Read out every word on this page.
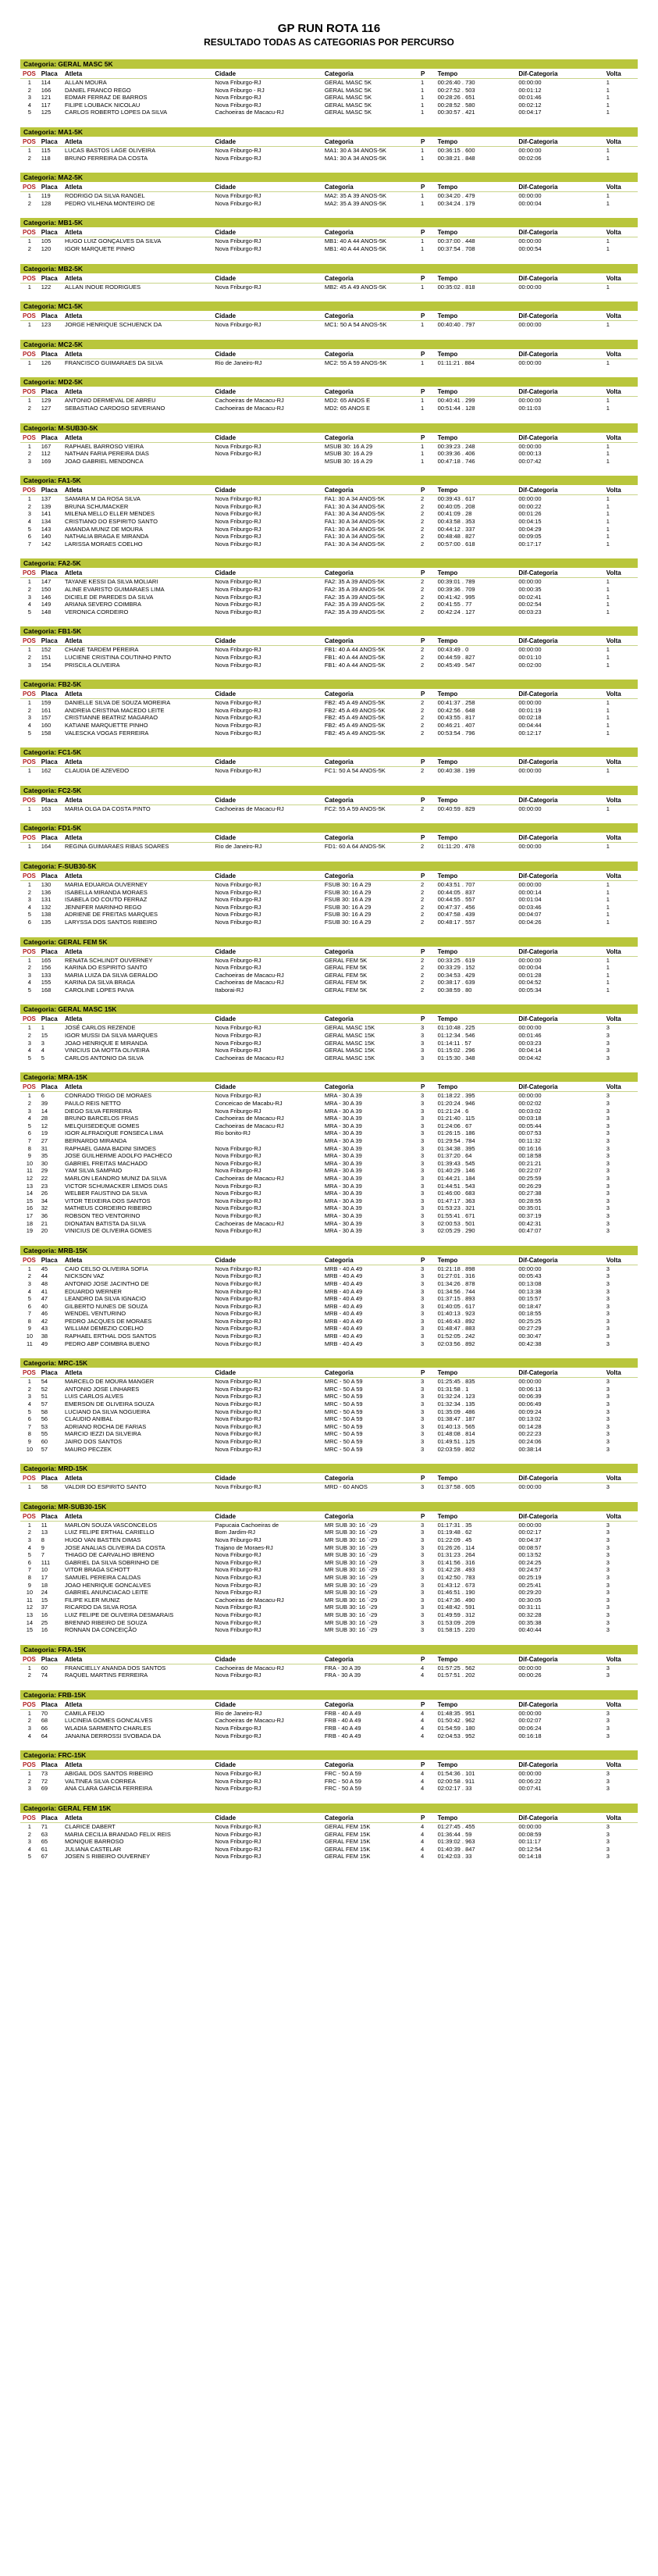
GP RUN ROTA 116
RESULTADO TODAS AS CATEGORIAS POR PERCURSO
Categoria: GERAL MASC 5K
POS	Placa	Atleta	Cidade	Categoria	P	Tempo	Dif-Categoria	Volta
1	114	ALLAN MOURA	Nova Friburgo-RJ	GERAL MASC 5K	1	00:26:40 . 730	00:00:00	1
2	166	DANIEL FRANCO REGO	Nova Friburgo - RJ	GERAL MASC 5K	1	00:27:52 . 503	00:01:12	1
3	121	EDMAR FERRAZ DE BARROS	Nova Friburgo-RJ	GERAL MASC 5K	1	00:28:26 . 651	00:01:46	1
4	117	FILIPE LOUBACK NICOLAU	Nova Friburgo-RJ	GERAL MASC 5K	1	00:28:52 . 580	00:02:12	1
5	125	CARLOS ROBERTO LOPES DA SILVA	Cachoeiras de Macacu-RJ	GERAL MASC 5K	1	00:30:57 . 421	00:04:17	1
Categoria: MA1-5K
POS	Placa	Atleta	Cidade	Categoria	P	Tempo	Dif-Categoria	Volta
1	115	LUCAS BASTOS LAGE OLIVEIRA	Nova Friburgo-RJ	MA1: 30 A 34 ANOS-5K	1	00:36:15 . 600	00:00:00	1
2	118	BRUNO FERREIRA DA COSTA	Nova Friburgo-RJ	MA1: 30 A 34 ANOS-5K	1	00:38:21 . 848	00:02:06	1
Categoria: MA2-5K
POS	Placa	Atleta	Cidade	Categoria	P	Tempo	Dif-Categoria	Volta
1	119	RODRIGO DA SILVA RANGEL	Nova Friburgo-RJ	MA2: 35 A 39 ANOS-5K	1	00:34:20 . 479	00:00:00	1
2	128	PEDRO VILHENA MONTEIRO DE	Nova Friburgo-RJ	MA2: 35 A 39 ANOS-5K	1	00:34:24 . 179	00:00:04	1
Categoria: MB1-5K
POS	Placa	Atleta	Cidade	Categoria	P	Tempo	Dif-Categoria	Volta
1	105	HUGO LUIZ GONÇALVES DA SILVA	Nova Friburgo-RJ	MB1: 40 A 44 ANOS-5K	1	00:37:00 . 448	00:00:00	1
2	120	IGOR MARQUETE PINHO	Nova Friburgo-RJ	MB1: 40 A 44 ANOS-5K	1	00:37:54 . 708	00:00:54	1
Categoria: MB2-5K
POS	Placa	Atleta	Cidade	Categoria	P	Tempo	Dif-Categoria	Volta
1	122	ALLAN INOUE RODRIGUES	Nova Friburgo-RJ	MB2: 45 A 49 ANOS-5K	1	00:35:02 . 818	00:00:00	1
Categoria: MC1-5K
POS	Placa	Atleta	Cidade	Categoria	P	Tempo	Dif-Categoria	Volta
1	123	JORGE HENRIQUE SCHUENCK DA	Nova Friburgo-RJ	MC1: 50 A 54 ANOS-5K	1	00:40:40 . 797	00:00:00	1
Categoria: MC2-5K
POS	Placa	Atleta	Cidade	Categoria	P	Tempo	Dif-Categoria	Volta
1	126	FRANCISCO GUIMARAES DA SILVA	Rio de Janeiro-RJ	MC2: 55 A 59 ANOS-5K	1	01:11:21 . 884	00:00:00	1
Categoria: MD2-5K
POS	Placa	Atleta	Cidade	Categoria	P	Tempo	Dif-Categoria	Volta
1	129	ANTONIO DERMEVAL DE ABREU	Cachoeiras de Macacu-RJ	MD2: 65 ANOS E	1	00:40:41 . 299	00:00:00	1
2	127	SEBASTIAO CARDOSO SEVERIANO	Cachoeiras de Macacu-RJ	MD2: 65 ANOS E	1	00:51:44 . 128	00:11:03	1
Categoria: M-SUB30-5K
POS	Placa	Atleta	Cidade	Categoria	P	Tempo	Dif-Categoria	Volta
1	167	RAPHAEL BARROSO VIEIRA	Nova Friburgo-RJ	MSUB 30: 16 A 29	1	00:39:23 . 248	00:00:00	1
2	112	NATHAN FARIA PEREIRA DIAS	Nova Friburgo-RJ	MSUB 30: 16 A 29	1	00:39:36 . 406	00:00:13	1
3	169	JOAO GABRIEL MENDONCA		MSUB 30: 16 A 29	1	00:47:18 . 746	00:07:42	1
Categoria: FA1-5K
POS	Placa	Atleta	Cidade	Categoria	P	Tempo	Dif-Categoria	Volta
1	137	SAMARA M DA ROSA SILVA	Nova Friburgo-RJ	FA1: 30 A 34 ANOS-5K	2	00:39:43 . 617	00:00:00	1
2	139	BRUNA SCHUMACKER	Nova Friburgo-RJ	FA1: 30 A 34 ANOS-5K	2	00:40:05 . 208	00:00:22	1
3	141	MILENA MELLO ELLER MENDES	Nova Friburgo-RJ	FA1: 30 A 34 ANOS-5K	2	00:41:09 . 28	00:01:26	1
4	134	CRISTIANO DO ESPIRITO SANTO	Nova Friburgo-RJ	FA1: 30 A 34 ANOS-5K	2	00:43:58 . 353	00:04:15	1
5	143	AMANDA MUNIZ DE MOURA	Nova Friburgo-RJ	FA1: 30 A 34 ANOS-5K	2	00:44:12 . 337	00:04:29	1
6	140	NATHALIA BRAGA E MIRANDA	Nova Friburgo-RJ	FA1: 30 A 34 ANOS-5K	2	00:48:48 . 827	00:09:05	1
7	142	LARISSA MORAES COELHO	Nova Friburgo-RJ	FA1: 30 A 34 ANOS-5K	2	00:57:00 . 618	00:17:17	1
Categoria: FA2-5K
POS	Placa	Atleta	Cidade	Categoria	P	Tempo	Dif-Categoria	Volta
1	147	TAYANE KESSI DA SILVA MOLIARI	Nova Friburgo-RJ	FA2: 35 A 39 ANOS-5K	2	00:39:01 . 789	00:00:00	1
2	150	ALINE EVARISTO GUIMARAES LIMA	Nova Friburgo-RJ	FA2: 35 A 39 ANOS-5K	2	00:39:36 . 709	00:00:35	1
3	146	DICIELE DE PAREDES DA SILVA	Nova Friburgo-RJ	FA2: 35 A 39 ANOS-5K	2	00:41:42 . 995	00:02:41	1
4	149	ARIANA SEVERO COIMBRA	Nova Friburgo-RJ	FA2: 35 A 39 ANOS-5K	2	00:41:55 . 77	00:02:54	1
5	148	VERONICA CORDEIRO	Nova Friburgo-RJ	FA2: 35 A 39 ANOS-5K	2	00:42:24 . 127	00:03:23	1
Categoria: FB1-5K
POS	Placa	Atleta	Cidade	Categoria	P	Tempo	Dif-Categoria	Volta
1	152	CHANE TARDEM PEREIRA	Nova Friburgo-RJ	FB1: 40 A 44 ANOS-5K	2	00:43:49 . 0	00:00:00	1
2	151	LUCIENE CRISTINA COUTINHO PINTO	Nova Friburgo-RJ	FB1: 40 A 44 ANOS-5K	2	00:44:59 . 827	00:01:10	1
3	154	PRISCILA OLIVEIRA	Nova Friburgo-RJ	FB1: 40 A 44 ANOS-5K	2	00:45:49 . 547	00:02:00	1
Categoria: FB2-5K
POS	Placa	Atleta	Cidade	Categoria	P	Tempo	Dif-Categoria	Volta
1	159	DANIELLE SILVA DE SOUZA MOREIRA	Nova Friburgo-RJ	FB2: 45 A 49 ANOS-5K	2	00:41:37 . 258	00:00:00	1
2	161	ANDREIA CRISTINA MACEDO LEITE	Nova Friburgo-RJ	FB2: 45 A 49 ANOS-5K	2	00:42:56 . 648	00:01:19	1
3	157	CRISTIANNE BEATRIZ MAGARAO	Nova Friburgo-RJ	FB2: 45 A 49 ANOS-5K	2	00:43:55 . 817	00:02:18	1
4	160	KATIANE MARQUETTE PINHO	Nova Friburgo-RJ	FB2: 45 A 49 ANOS-5K	2	00:46:21 . 407	00:04:44	1
5	158	VALESCKA VOGAS FERREIRA	Nova Friburgo-RJ	FB2: 45 A 49 ANOS-5K	2	00:53:54 . 796	00:12:17	1
Categoria: FC1-5K
POS	Placa	Atleta	Cidade	Categoria	P	Tempo	Dif-Categoria	Volta
1	162	CLAUDIA DE AZEVEDO	Nova Friburgo-RJ	FC1: 50 A 54 ANOS-5K	2	00:40:38 . 199	00:00:00	1
Categoria: FC2-5K
POS	Placa	Atleta	Cidade	Categoria	P	Tempo	Dif-Categoria	Volta
1	163	MARIA OLGA DA COSTA PINTO	Cachoeiras de Macacu-RJ	FC2: 55 A 59 ANOS-5K	2	00:40:59 . 829	00:00:00	1
Categoria: FD1-5K
POS	Placa	Atleta	Cidade	Categoria	P	Tempo	Dif-Categoria	Volta
1	164	REGINA GUIMARAES RIBAS SOARES	Rio de Janeiro-RJ	FD1: 60 A 64 ANOS-5K	2	01:11:20 . 478	00:00:00	1
Categoria: F-SUB30-5K
POS	Placa	Atleta	Cidade	Categoria	P	Tempo	Dif-Categoria	Volta
1	130	MARIA EDUARDA OUVERNEY	Nova Friburgo-RJ	FSUB 30: 16 A 29	2	00:43:51 . 707	00:00:00	1
2	136	ISABELLA MIRANDA MORAES	Nova Friburgo-RJ	FSUB 30: 16 A 29	2	00:44:05 . 837	00:00:14	1
3	131	ISABELA DO COUTO FERRAZ	Nova Friburgo-RJ	FSUB 30: 16 A 29	2	00:44:55 . 557	00:01:04	1
4	132	JENNIFER MARINHO REGO	Nova Friburgo-RJ	FSUB 30: 16 A 29	2	00:47:37 . 456	00:03:46	1
5	138	ADRIENE DE FREITAS MARQUES	Nova Friburgo-RJ	FSUB 30: 16 A 29	2	00:47:58 . 439	00:04:07	1
6	135	LARYSSA DOS SANTOS RIBEIRO	Nova Friburgo-RJ	FSUB 30: 16 A 29	2	00:48:17 . 557	00:04:26	1
Categoria: GERAL FEM 5K
POS	Placa	Atleta	Cidade	Categoria	P	Tempo	Dif-Categoria	Volta
1	165	RENATA SCHLINDT OUVERNEY	Nova Friburgo-RJ	GERAL FEM 5K	2	00:33:25 . 619	00:00:00	1
2	156	KARINA DO ESPIRITO SANTO	Nova Friburgo-RJ	GERAL FEM 5K	2	00:33:29 . 152	00:00:04	1
3	133	MARIA LUIZA DA SILVA GERALDO	Cachoeiras de Macacu-RJ	GERAL FEM 5K	2	00:34:53 . 429	00:01:28	1
4	155	KARINA DA SILVA BRAGA	Cachoeiras de Macacu-RJ	GERAL FEM 5K	2	00:38:17 . 639	00:04:52	1
5	168	CAROLINE LOPES PAIVA	Itaborai-RJ	GERAL FEM 5K	2	00:38:59 . 80	00:05:34	1
Categoria: GERAL MASC 15K
POS	Placa	Atleta	Cidade	Categoria	P	Tempo	Dif-Categoria	Volta
1	1	JOSÉ CARLOS REZENDE	Nova Friburgo-RJ	GERAL MASC 15K	3	01:10:48 . 225	00:00:00	3
2	15	IGOR MUSSI DA SILVA MARQUES	Nova Friburgo-RJ	GERAL MASC 15K	3	01:12:34 . 546	00:01:46	3
3	3	JOAO HENRIQUE E MIRANDA	Nova Friburgo-RJ	GERAL MASC 15K	3	01:14:11 . 57	00:03:23	3
4	4	VINICIUS DA MOTTA OLIVEIRA	Nova Friburgo-RJ	GERAL MASC 15K	3	01:15:02 . 296	00:04:14	3
5	5	CARLOS ANTONIO DA SILVA	Cachoeiras de Macacu-RJ	GERAL MASC 15K	3	01:15:30 . 348	00:04:42	3
Categoria: MRA-15K
POS	Placa	Atleta	Cidade	Categoria	P	Tempo	Dif-Categoria	Volta
1	6	CONRADO TRIGO DE MORAES	Nova Friburgo-RJ	MRA - 30 A 39	3	01:18:22 . 395	00:00:00	3
2	39	PAULO REIS NETTO	Conceicao de Macabu-RJ	MRA - 30 A 39	3	01:20:24 . 946	00:02:02	3
3	14	DIEGO SILVA FERREIRA	Nova Friburgo-RJ	MRA - 30 A 39	3	01:21:24 . 6	00:03:02	3
4	28	BRUNO BARCELOS FRIAS	Cachoeiras de Macacu-RJ	MRA - 30 A 39	3	01:21:40 . 115	00:03:18	3
5	12	MELQUISEDEQUE GOMES	Cachoeiras de Macacu-RJ	MRA - 30 A 39	3	01:24:06 . 67	00:05:44	3
6	19	IGOR ALFRADIQUE FONSECA LIMA	Rio bonito-RJ	MRA - 30 A 39	3	01:26:15 . 186	00:07:53	3
7	27	BERNARDO MIRANDA		MRA - 30 A 39	3	01:29:54 . 784	00:11:32	3
8	31	RAPHAEL GAMA BADINI SIMOES	Nova Friburgo-RJ	MRA - 30 A 39	3	01:34:38 . 395	00:16:16	3
9	35	JOSE GUILHERME ADOLFO PACHECO	Nova Friburgo-RJ	MRA - 30 A 39	3	01:37:20 . 64	00:18:58	3
10	30	GABRIEL FREITAS MACHADO	Nova Friburgo-RJ	MRA - 30 A 39	3	01:39:43 . 545	00:21:21	3
11	29	YAM SILVA SAMPAIO	Nova Friburgo-RJ	MRA - 30 A 39	3	01:40:29 . 146	00:22:07	3
12	22	MARLON LEANDRO MUNIZ DA SILVA	Cachoeiras de Macacu-RJ	MRA - 30 A 39	3	01:44:21 . 184	00:25:59	3
13	23	VICTOR SCHUMACKER LEMOS DIAS	Nova Friburgo-RJ	MRA - 30 A 39	3	01:44:51 . 543	00:26:29	3
14	26	WELBER FAUSTINO DA SILVA	Nova Friburgo-RJ	MRA - 30 A 39	3	01:46:00 . 683	00:27:38	3
15	34	VITOR TEIXEIRA DOS SANTOS	Nova Friburgo-RJ	MRA - 30 A 39	3	01:47:17 . 363	00:28:55	3
16	32	MATHEUS CORDEIRO RIBEIRO	Nova Friburgo-RJ	MRA - 30 A 39	3	01:53:23 . 321	00:35:01	3
17	36	ROBSON TEO VENTORINO	Nova Friburgo-RJ	MRA - 30 A 39	3	01:55:41 . 671	00:37:19	3
18	21	DIONATAN BATISTA DA SILVA	Cachoeiras de Macacu-RJ	MRA - 30 A 39	3	02:00:53 . 501	00:42:31	3
19	20	VINICIUS DE OLIVEIRA GOMES	Nova Friburgo-RJ	MRA - 30 A 39	3	02:05:29 . 290	00:47:07	3
Categoria: MRB-15K
POS	Placa	Atleta	Cidade	Categoria	P	Tempo	Dif-Categoria	Volta
1	45	CAIO CELSO OLIVEIRA SOFIA	Nova Friburgo-RJ	MRB - 40 A 49	3	01:21:18 . 898	00:00:00	3
2	44	NICKSON VAZ	Nova Friburgo-RJ	MRB - 40 A 49	3	01:27:01 . 316	00:05:43	3
3	48	ANTONIO JOSE JACINTHO DE	Nova Friburgo-RJ	MRB - 40 A 49	3	01:34:26 . 878	00:13:08	3
4	41	EDUARDO WERNER	Nova Friburgo-RJ	MRB - 40 A 49	3	01:34:56 . 744	00:13:38	3
5	47	LEANDRO DA SILVA IGNACIO	Nova Friburgo-RJ	MRB - 40 A 49	3	01:37:15 . 893	00:15:57	3
6	40	GILBERTO NUNES DE SOUZA	Nova Friburgo-RJ	MRB - 40 A 49	3	01:40:05 . 617	00:18:47	3
7	46	WENDEL VENTURINO	Nova Friburgo-RJ	MRB - 40 A 49	3	01:40:13 . 923	00:18:55	3
8	42	PEDRO JACQUES DE MORAES	Nova Friburgo-RJ	MRB - 40 A 49	3	01:46:43 . 892	00:25:25	3
9	43	WILLIAM DEMEZIO COELHO	Nova Friburgo-RJ	MRB - 40 A 49	3	01:48:47 . 883	00:27:29	3
10	38	RAPHAEL ERTHAL DOS SANTOS	Nova Friburgo-RJ	MRB - 40 A 49	3	01:52:05 . 242	00:30:47	3
11	49	PEDRO ABP COIMBRA BUENO	Nova Friburgo-RJ	MRB - 40 A 49	3	02:03:56 . 892	00:42:38	3
Categoria: MRC-15K
POS	Placa	Atleta	Cidade	Categoria	P	Tempo	Dif-Categoria	Volta
1	54	MARCELO DE MOURA MANGER	Nova Friburgo-RJ	MRC - 50 A 59	3	01:25:45 . 835	00:00:00	3
2	52	ANTONIO JOSE LINHARES	Nova Friburgo-RJ	MRC - 50 A 59	3	01:31:58 . 1	00:06:13	3
3	51	LUIS CARLOS ALVES	Nova Friburgo-RJ	MRC - 50 A 59	3	01:32:24 . 123	00:06:39	3
4	57	EMERSON DE OLIVEIRA SOUZA	Nova Friburgo-RJ	MRC - 50 A 59	3	01:32:34 . 135	00:06:49	3
5	58	LUCIANO DA SILVA NOGUEIRA	Nova Friburgo-RJ	MRC - 50 A 59	3	01:35:09 . 486	00:09:24	3
6	56	CLAUDIO ANIBAL	Nova Friburgo-RJ	MRC - 50 A 59	3	01:38:47 . 187	00:13:02	3
7	53	ADRIANO ROCHA DE FARIAS	Nova Friburgo-RJ	MRC - 50 A 59	3	01:40:13 . 565	00:14:28	3
8	55	MARCIO IEZZI DA SILVEIRA	Nova Friburgo-RJ	MRC - 50 A 59	3	01:48:08 . 814	00:22:23	3
9	60	JAIRO DOS SANTOS	Nova Friburgo-RJ	MRC - 50 A 59	3	01:49:51 . 125	00:24:06	3
10	57	MAURO PECZEK	Nova Friburgo-RJ	MRC - 50 A 59	3	02:03:59 . 802	00:38:14	3
Categoria: MRD-15K
POS	Placa	Atleta	Cidade	Categoria	P	Tempo	Dif-Categoria	Volta
1	58	VALDIR DO ESPIRITO SANTO	Nova Friburgo-RJ	MRD - 60 ANOS	3	01:37:58 . 605	00:00:00	3
Categoria: MR-SUB30-15K
POS	Placa	Atleta	Cidade	Categoria	P	Tempo	Dif-Categoria	Volta
1	11	MARLON SOUZA VASCONCELOS	Papucaia Cachoeiras de	MR SUB 30: 16 ´-29	3	01:17:31 . 35	00:00:00	3
2	13	LUIZ FELIPE ERTHAL CARIELLO	Bom Jardim-RJ	MR SUB 30: 16 ´-29	3	01:19:48 . 62	00:02:17	3
3	8	HUGO VAN BASTEN DIMAS	Nova Friburgo-RJ	MR SUB 30: 16 ´-29	3	01:22:09 . 45	00:04:37	3
4	9	JOSE ANALIAS OLIVEIRA DA COSTA	Trajano de Moraes-RJ	MR SUB 30: 16 ´-29	3	01:26:26 . 114	00:08:57	3
5	7	THIAGO DE CARVALHO IBRENO	Nova Friburgo-RJ	MR SUB 30: 16 ´-29	3	01:31:23 . 264	00:13:52	3
6	111	GABRIEL DA SILVA SOBRINHO DE	Nova Friburgo-RJ	MR SUB 30: 16 ´-29	3	01:41:56 . 316	00:24:25	3
7	10	VITOR BRAGA SCHOTT	Nova Friburgo-RJ	MR SUB 30: 16 ´-29	3	01:42:28 . 493	00:24:57	3
8	17	SAMUEL PEREIRA CALDAS	Nova Friburgo-RJ	MR SUB 30: 16 ´-29	3	01:42:50 . 783	00:25:19	3
9	18	JOAO HENRIQUE GONCALVES	Nova Friburgo-RJ	MR SUB 30: 16 ´-29	3	01:43:12 . 673	00:25:41	3
10	24	GABRIEL ANUNCIACAO LEITE	Nova Friburgo-RJ	MR SUB 30: 16 ´-29	3	01:46:51 . 190	00:29:20	3
11	15	FILIPE KLER MUNIZ	Cachoeiras de Macacu-RJ	MR SUB 30: 16 ´-29	3	01:47:36 . 490	00:30:05	3
12	37	RICARDO DA SILVA ROSA	Nova Friburgo-RJ	MR SUB 30: 16 ´-29	3	01:48:42 . 591	00:31:11	3
13	16	LUIZ FELIPE DE OLIVEIRA DESMARAIS	Nova Friburgo-RJ	MR SUB 30: 16 ´-29	3	01:49:59 . 312	00:32:28	3
14	25	BRENNO RIBEIRO DE SOUZA	Nova Friburgo-RJ	MR SUB 30: 16 ´-29	3	01:53:09 . 209	00:35:38	3
15	16	RONNAN DA CONCEIÇÃO	Nova Friburgo-RJ	MR SUB 30: 16 ´-29	3	01:58:15 . 220	00:40:44	3
Categoria: FRA-15K
POS	Placa	Atleta	Cidade	Categoria	P	Tempo	Dif-Categoria	Volta
1	60	FRANCIELLY ANANDA DOS SANTOS	Cachoeiras de Macacu-RJ	FRA - 30 A 39	4	01:57:25 . 562	00:00:00	3
2	74	RAQUEL MARTINS FERREIRA	Nova Friburgo-RJ	FRA - 30 A 39	4	01:57:51 . 202	00:00:26	3
Categoria: FRB-15K
POS	Placa	Atleta	Cidade	Categoria	P	Tempo	Dif-Categoria	Volta
1	70	CAMILA FEIJO	Rio de Janeiro-RJ	FRB - 40 A 49	4	01:48:35 . 951	00:00:00	3
2	68	LUCINEIA GOMES GONCALVES	Cachoeiras de Macacu-RJ	FRB - 40 A 49	4	01:50:42 . 962	00:02:07	3
3	66	WLADIA SARMENTO CHARLES	Nova Friburgo-RJ	FRB - 40 A 49	4	01:54:59 . 180	00:06:24	3
4	64	JANAINA DERROSSI SVOBADA DA	Nova Friburgo-RJ	FRB - 40 A 49	4	02:04:53 . 952	00:16:18	3
Categoria: FRC-15K
POS	Placa	Atleta	Cidade	Categoria	P	Tempo	Dif-Categoria	Volta
1	73	ABIGAIL DOS SANTOS RIBEIRO	Nova Friburgo-RJ	FRC - 50 A 59	4	01:54:36 . 101	00:00:00	3
2	72	VALTINEA SILVA CORREA	Nova Friburgo-RJ	FRC - 50 A 59	4	02:00:58 . 911	00:06:22	3
3	69	ANA CLARA GARCIA FERREIRA	Nova Friburgo-RJ	FRC - 50 A 59	4	02:02:17 . 33	00:07:41	3
Categoria: GERAL FEM 15K
POS	Placa	Atleta	Cidade	Categoria	P	Tempo	Dif-Categoria	Volta
1	71	CLARICE DABERT	Nova Friburgo-RJ	GERAL FEM 15K	4	01:27:45 . 455	00:00:00	3
2	63	MARIA CECILIA BRANDAO FELIX REIS	Nova Friburgo-RJ	GERAL FEM 15K	4	01:36:44 . 59	00:08:59	3
3	65	MONIQUE BARROSO	Nova Friburgo-RJ	GERAL FEM 15K	4	01:39:02 . 963	00:11:17	3
4	61	JULIANA CASTELAR	Nova Friburgo-RJ	GERAL FEM 15K	4	01:40:39 . 847	00:12:54	3
5	67	JOSEN S RIBEIRO OUVERNEY	Nova Friburgo-RJ	GERAL FEM 15K	4	01:42:03 . 33	00:14:18	3
